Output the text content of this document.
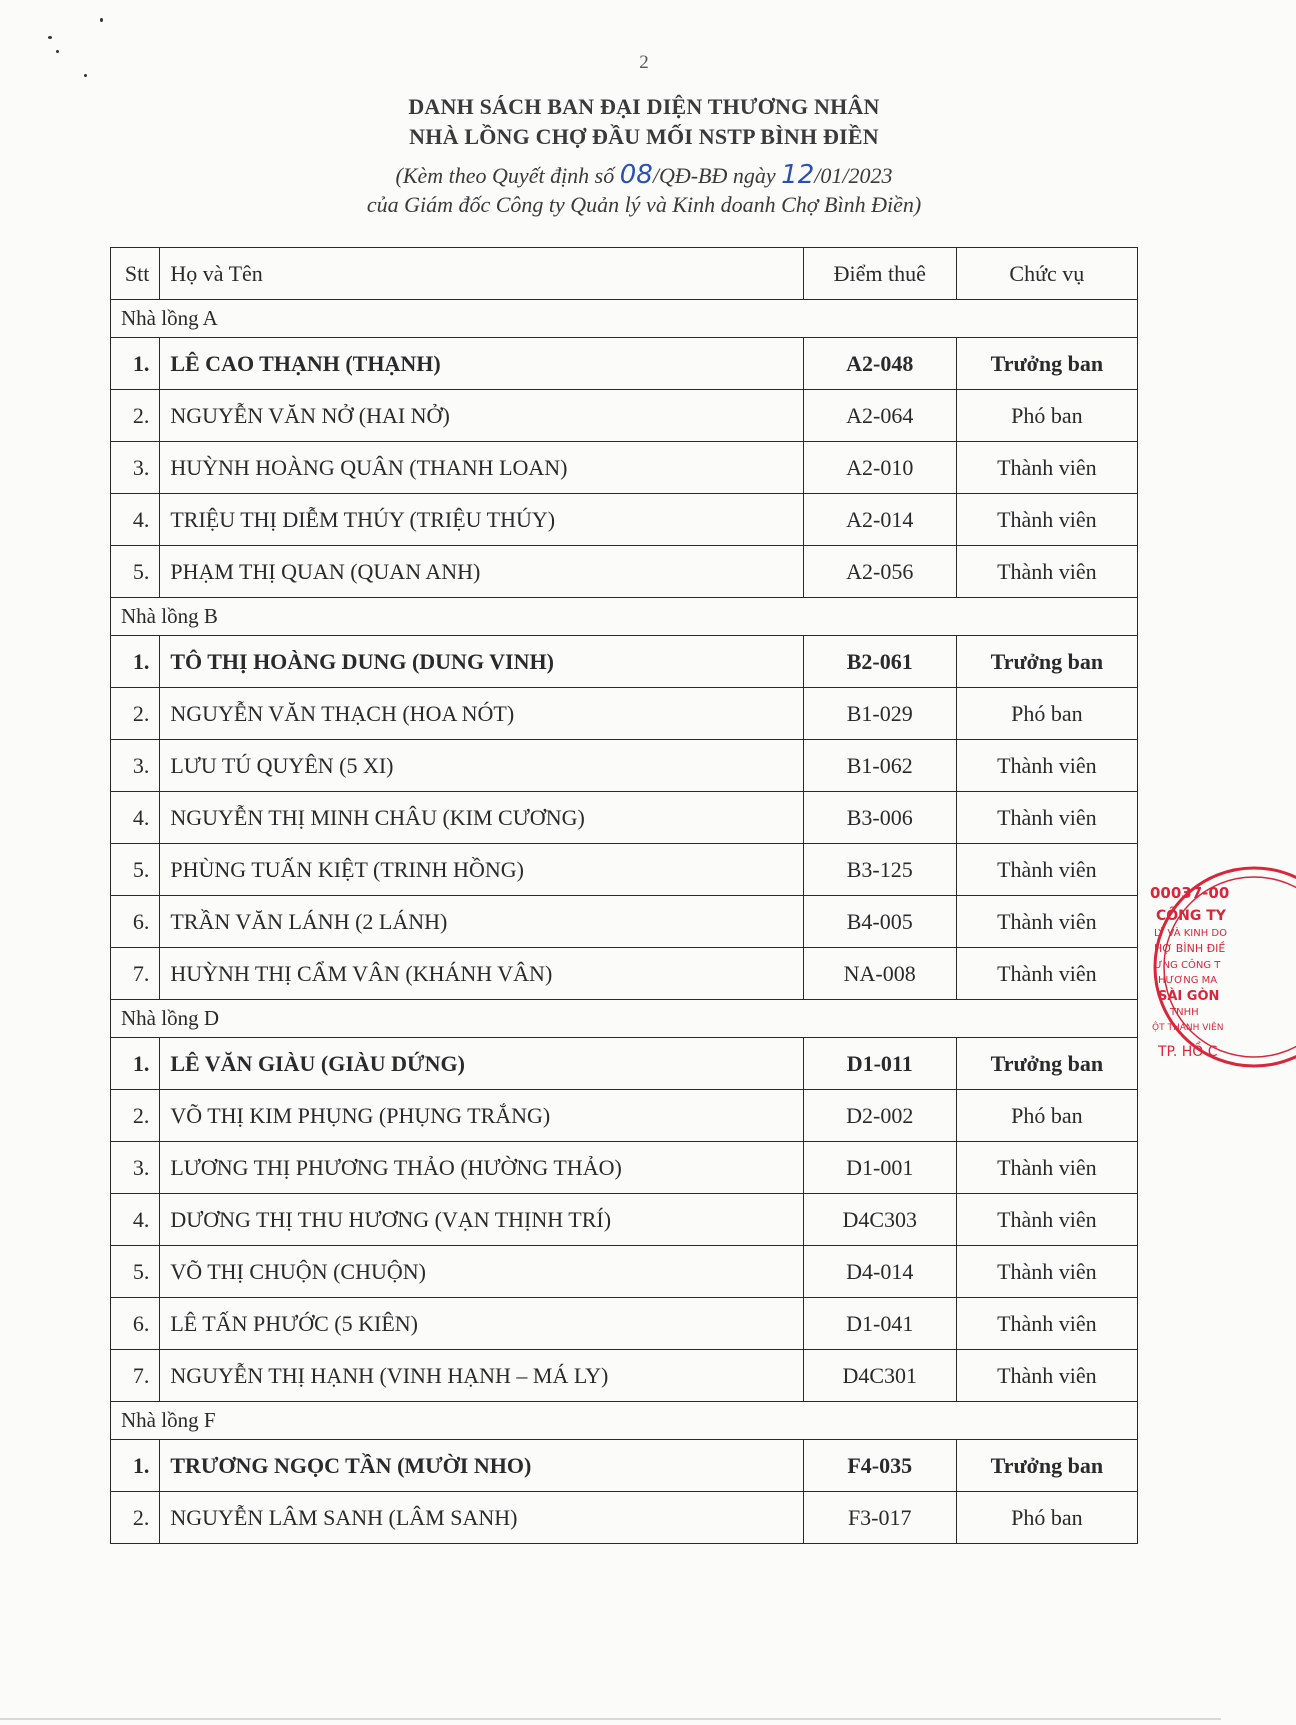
2
DANH SÁCH BAN ĐẠI DIỆN THƯƠNG NHÂN
NHÀ LỒNG CHỢ ĐẦU MỐI NSTP BÌNH ĐIỀN
(Kèm theo Quyết định số 08/QĐ-BĐ ngày 12/01/2023
của Giám đốc Công ty Quản lý và Kinh doanh Chợ Bình Điền)
Stt	Họ và Tên	Điểm thuê	Chức vụ
Nhà lồng A			
1.	LÊ CAO THẠNH (THẠNH)	A2-048	Trưởng ban
2.	NGUYỄN VĂN NỞ (HAI NỞ)	A2-064	Phó ban
3.	HUỲNH HOÀNG QUÂN (THANH LOAN)	A2-010	Thành viên
4.	TRIỆU THỊ DIỄM THÚY (TRIỆU THÚY)	A2-014	Thành viên
5.	PHẠM THỊ QUAN (QUAN ANH)	A2-056	Thành viên
Nhà lồng B			
1.	TÔ THỊ HOÀNG DUNG (DUNG VINH)	B2-061	Trưởng ban
2.	NGUYỄN VĂN THẠCH (HOA NÓT)	B1-029	Phó ban
3.	LƯU TÚ QUYÊN (5 XI)	B1-062	Thành viên
4.	NGUYỄN THỊ MINH CHÂU (KIM CƯƠNG)	B3-006	Thành viên
5.	PHÙNG TUẤN KIỆT (TRINH HỒNG)	B3-125	Thành viên
6.	TRẦN VĂN LÁNH (2 LÁNH)	B4-005	Thành viên
7.	HUỲNH THỊ CẨM VÂN (KHÁNH VÂN)	NA-008	Thành viên
Nhà lồng D			
1.	LÊ VĂN GIÀU (GIÀU DỨNG)	D1-011	Trưởng ban
2.	VÕ THỊ KIM PHỤNG (PHỤNG TRẮNG)	D2-002	Phó ban
3.	LƯƠNG THỊ PHƯƠNG THẢO (HƯỜNG THẢO)	D1-001	Thành viên
4.	DƯƠNG THỊ THU HƯƠNG (VẠN THỊNH TRÍ)	D4C303	Thành viên
5.	VÕ THỊ CHUỘN (CHUỘN)	D4-014	Thành viên
6.	LÊ TẤN PHƯỚC (5 KIÊN)	D1-041	Thành viên
7.	NGUYỄN THỊ HẠNH (VINH HẠNH – MÁ LY)	D4C301	Thành viên
Nhà lồng F			
1.	TRƯƠNG NGỌC TẦN (MƯỜI NHO)	F4-035	Trưởng ban
2.	NGUYỄN LÂM SANH (LÂM SANH)	F3-017	Phó ban
00037-00
CÔNG TY
LÝ VÀ KINH DO
HỢ BÌNH ĐIỀ
ƯNG CÔNG T
HƯƠNG MA
SÀI GÒN
TNHH
ỘT THÀNH VIÊN
TP. HỒ C
